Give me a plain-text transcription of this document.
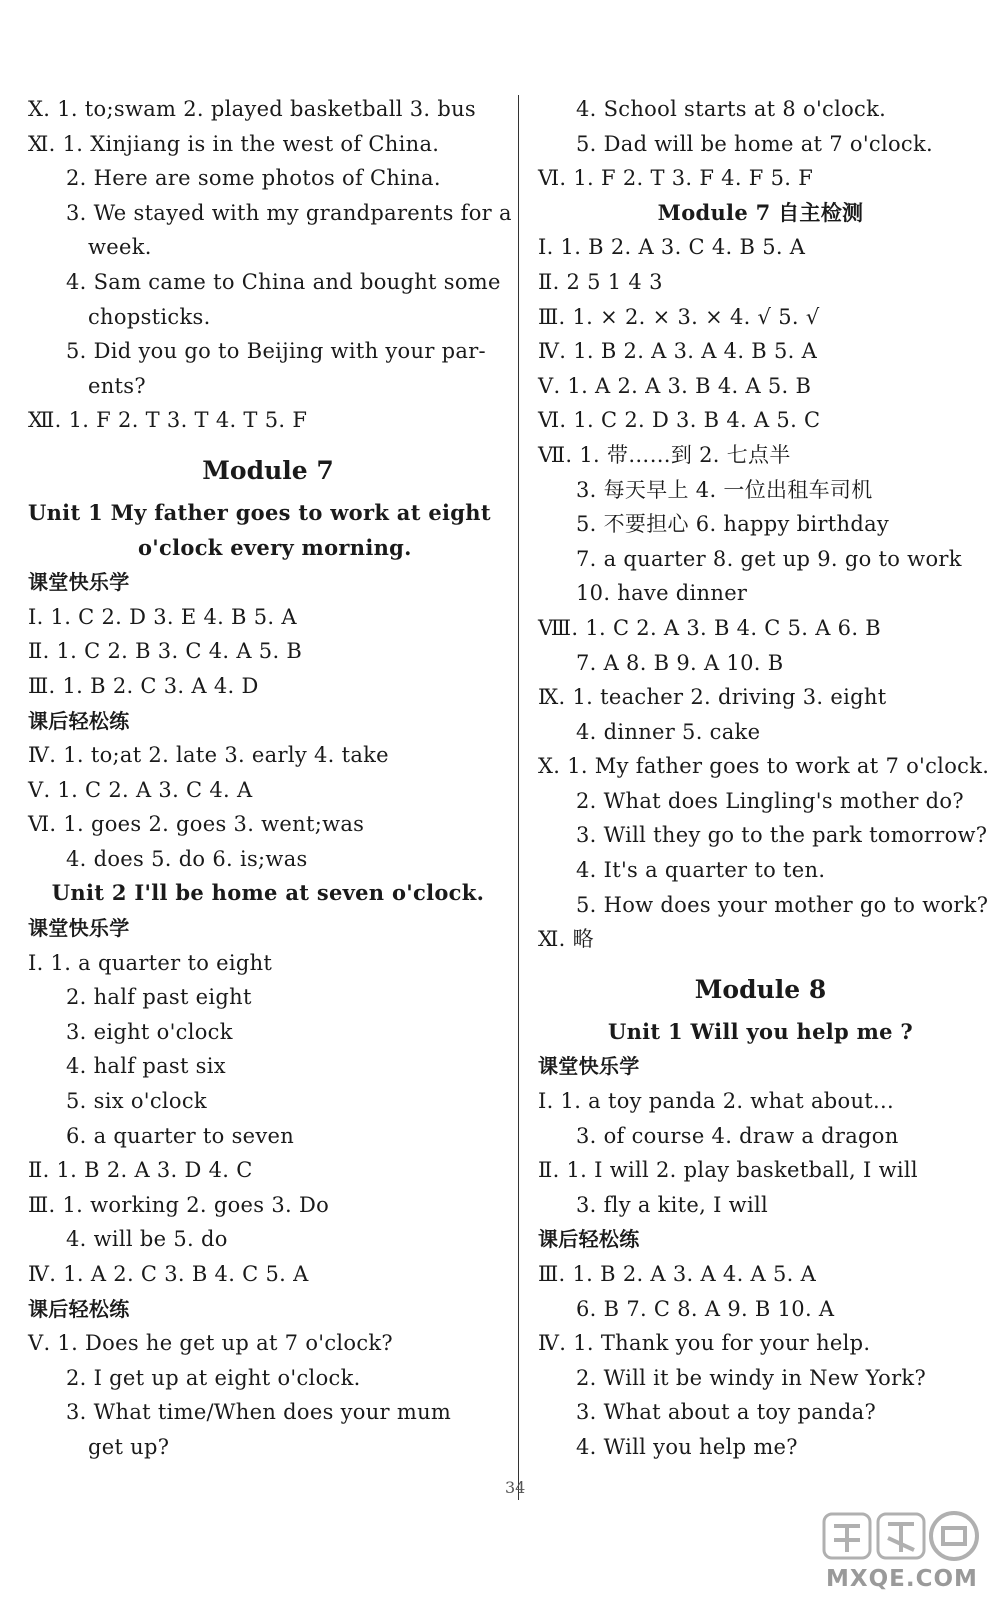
Ⅹ. 1. to;swam 2. played basketball 3. bus
Ⅺ. 1. Xinjiang is in the west of China.
2. Here are some photos of China.
3. We stayed with my grandparents for a
week.
4. Sam came to China and bought some
chopsticks.
5. Did you go to Beijing with your par-
ents?
Ⅻ. 1. F 2. T 3. T 4. T 5. F
Module 7
Unit 1 My father goes to work at eight
o'clock every morning.
课堂快乐学
Ⅰ. 1. C 2. D 3. E 4. B 5. A
Ⅱ. 1. C 2. B 3. C 4. A 5. B
Ⅲ. 1. B 2. C 3. A 4. D
课后轻松练
Ⅳ. 1. to;at 2. late 3. early 4. take
Ⅴ. 1. C 2. A 3. C 4. A
Ⅵ. 1. goes 2. goes 3. went;was
4. does 5. do 6. is;was
Unit 2 I'll be home at seven o'clock.
课堂快乐学
Ⅰ. 1. a quarter to eight
2. half past eight
3. eight o'clock
4. half past six
5. six o'clock
6. a quarter to seven
Ⅱ. 1. B 2. A 3. D 4. C
Ⅲ. 1. working 2. goes 3. Do
4. will be 5. do
Ⅳ. 1. A 2. C 3. B 4. C 5. A
课后轻松练
Ⅴ. 1. Does he get up at 7 o'clock?
2. I get up at eight o'clock.
3. What time/When does your mum
get up?
4. School starts at 8 o'clock.
5. Dad will be home at 7 o'clock.
Ⅵ. 1. F 2. T 3. F 4. F 5. F
Module 7 自主检测
Ⅰ. 1. B 2. A 3. C 4. B 5. A
Ⅱ. 2 5 1 4 3
Ⅲ. 1. × 2. × 3. × 4. √ 5. √
Ⅳ. 1. B 2. A 3. A 4. B 5. A
Ⅴ. 1. A 2. A 3. B 4. A 5. B
Ⅵ. 1. C 2. D 3. B 4. A 5. C
Ⅶ. 1. 带……到 2. 七点半
3. 每天早上 4. 一位出租车司机
5. 不要担心 6. happy birthday
7. a quarter 8. get up 9. go to work
10. have dinner
Ⅷ. 1. C 2. A 3. B 4. C 5. A 6. B
7. A 8. B 9. A 10. B
Ⅸ. 1. teacher 2. driving 3. eight
4. dinner 5. cake
Ⅹ. 1. My father goes to work at 7 o'clock.
2. What does Lingling's mother do?
3. Will they go to the park tomorrow?
4. It's a quarter to ten.
5. How does your mother go to work?
Ⅺ. 略
Module 8
Unit 1 Will you help me ?
课堂快乐学
Ⅰ. 1. a toy panda 2. what about...
3. of course 4. draw a dragon
Ⅱ. 1. I will 2. play basketball, I will
3. fly a kite, I will
课后轻松练
Ⅲ. 1. B 2. A 3. A 4. A 5. A
6. B 7. C 8. A 9. B 10. A
Ⅳ. 1. Thank you for your help.
2. Will it be windy in New York?
3. What about a toy panda?
4. Will you help me?
34
MXQE.COM
